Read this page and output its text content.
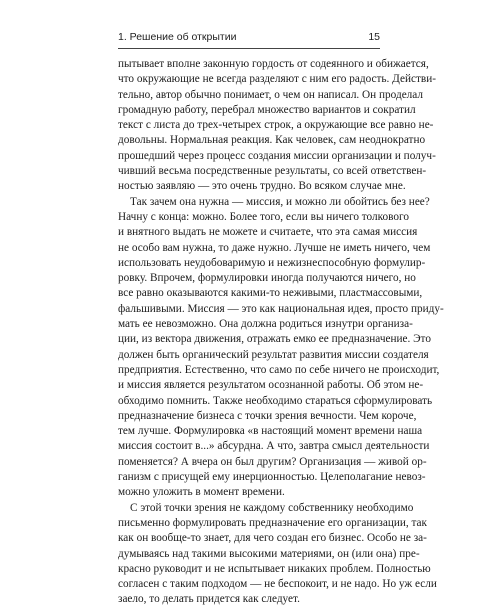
1. Решение об открытии	15
пытывает вполне законную гордость от содеянного и обижается,
что окружающие не всегда разделяют с ним его радость. Действи-
тельно, автор обычно понимает, о чем он написал. Он проделал
громадную работу, перебрал множество вариантов и сократил
текст с листа до трех-четырех строк, а окружающие все равно не-
довольны. Нормальная реакция. Как человек, сам неоднократно
прошедший через процесс создания миссии организации и получ-
чивший весьма посредственные результаты, со всей ответствен-
ностью заявляю — это очень трудно. Во всяком случае мне.
Так зачем она нужна — миссия, и можно ли обойтись без нее?
Начну с конца: можно. Более того, если вы ничего толкового
и внятного выдать не можете и считаете, что эта самая миссия
не особо вам нужна, то даже нужно. Лучше не иметь ничего, чем
использовать неудобоваримую и нежизнеспособную формулир-
ровку. Впрочем, формулировки иногда получаются ничего, но
все равно оказываются какими-то неживыми, пластмассовыми,
фальшивыми. Миссия — это как национальная идея, просто приду-
мать ее невозможно. Она должна родиться изнутри организа-
ции, из вектора движения, отражать емко ее предназначение. Это
должен быть органический результат развития миссии создателя
предприятия. Естественно, что само по себе ничего не происходит,
и миссия является результатом осознанной работы. Об этом не-
обходимо помнить. Также необходимо стараться сформулировать
предназначение бизнеса с точки зрения вечности. Чем короче,
тем лучше. Формулировка «в настоящий момент времени наша
миссия состоит в...» абсурдна. А что, завтра смысл деятельности
поменяется? А вчера он был другим? Организация — живой ор-
ганизм с присущей ему инерционностью. Целеполагание невоз-
можно уложить в момент времени.
С этой точки зрения не каждому собственнику необходимо
письменно формулировать предназначение его организации, так
как он вообще-то знает, для чего создан его бизнес. Особо не за-
думываясь над такими высокими материями, он (или она) пре-
красно руководит и не испытывает никаких проблем. Полностью
согласен с таким подходом — не беспокоит, и не надо. Но уж если
заело, то делать придется как следует.
